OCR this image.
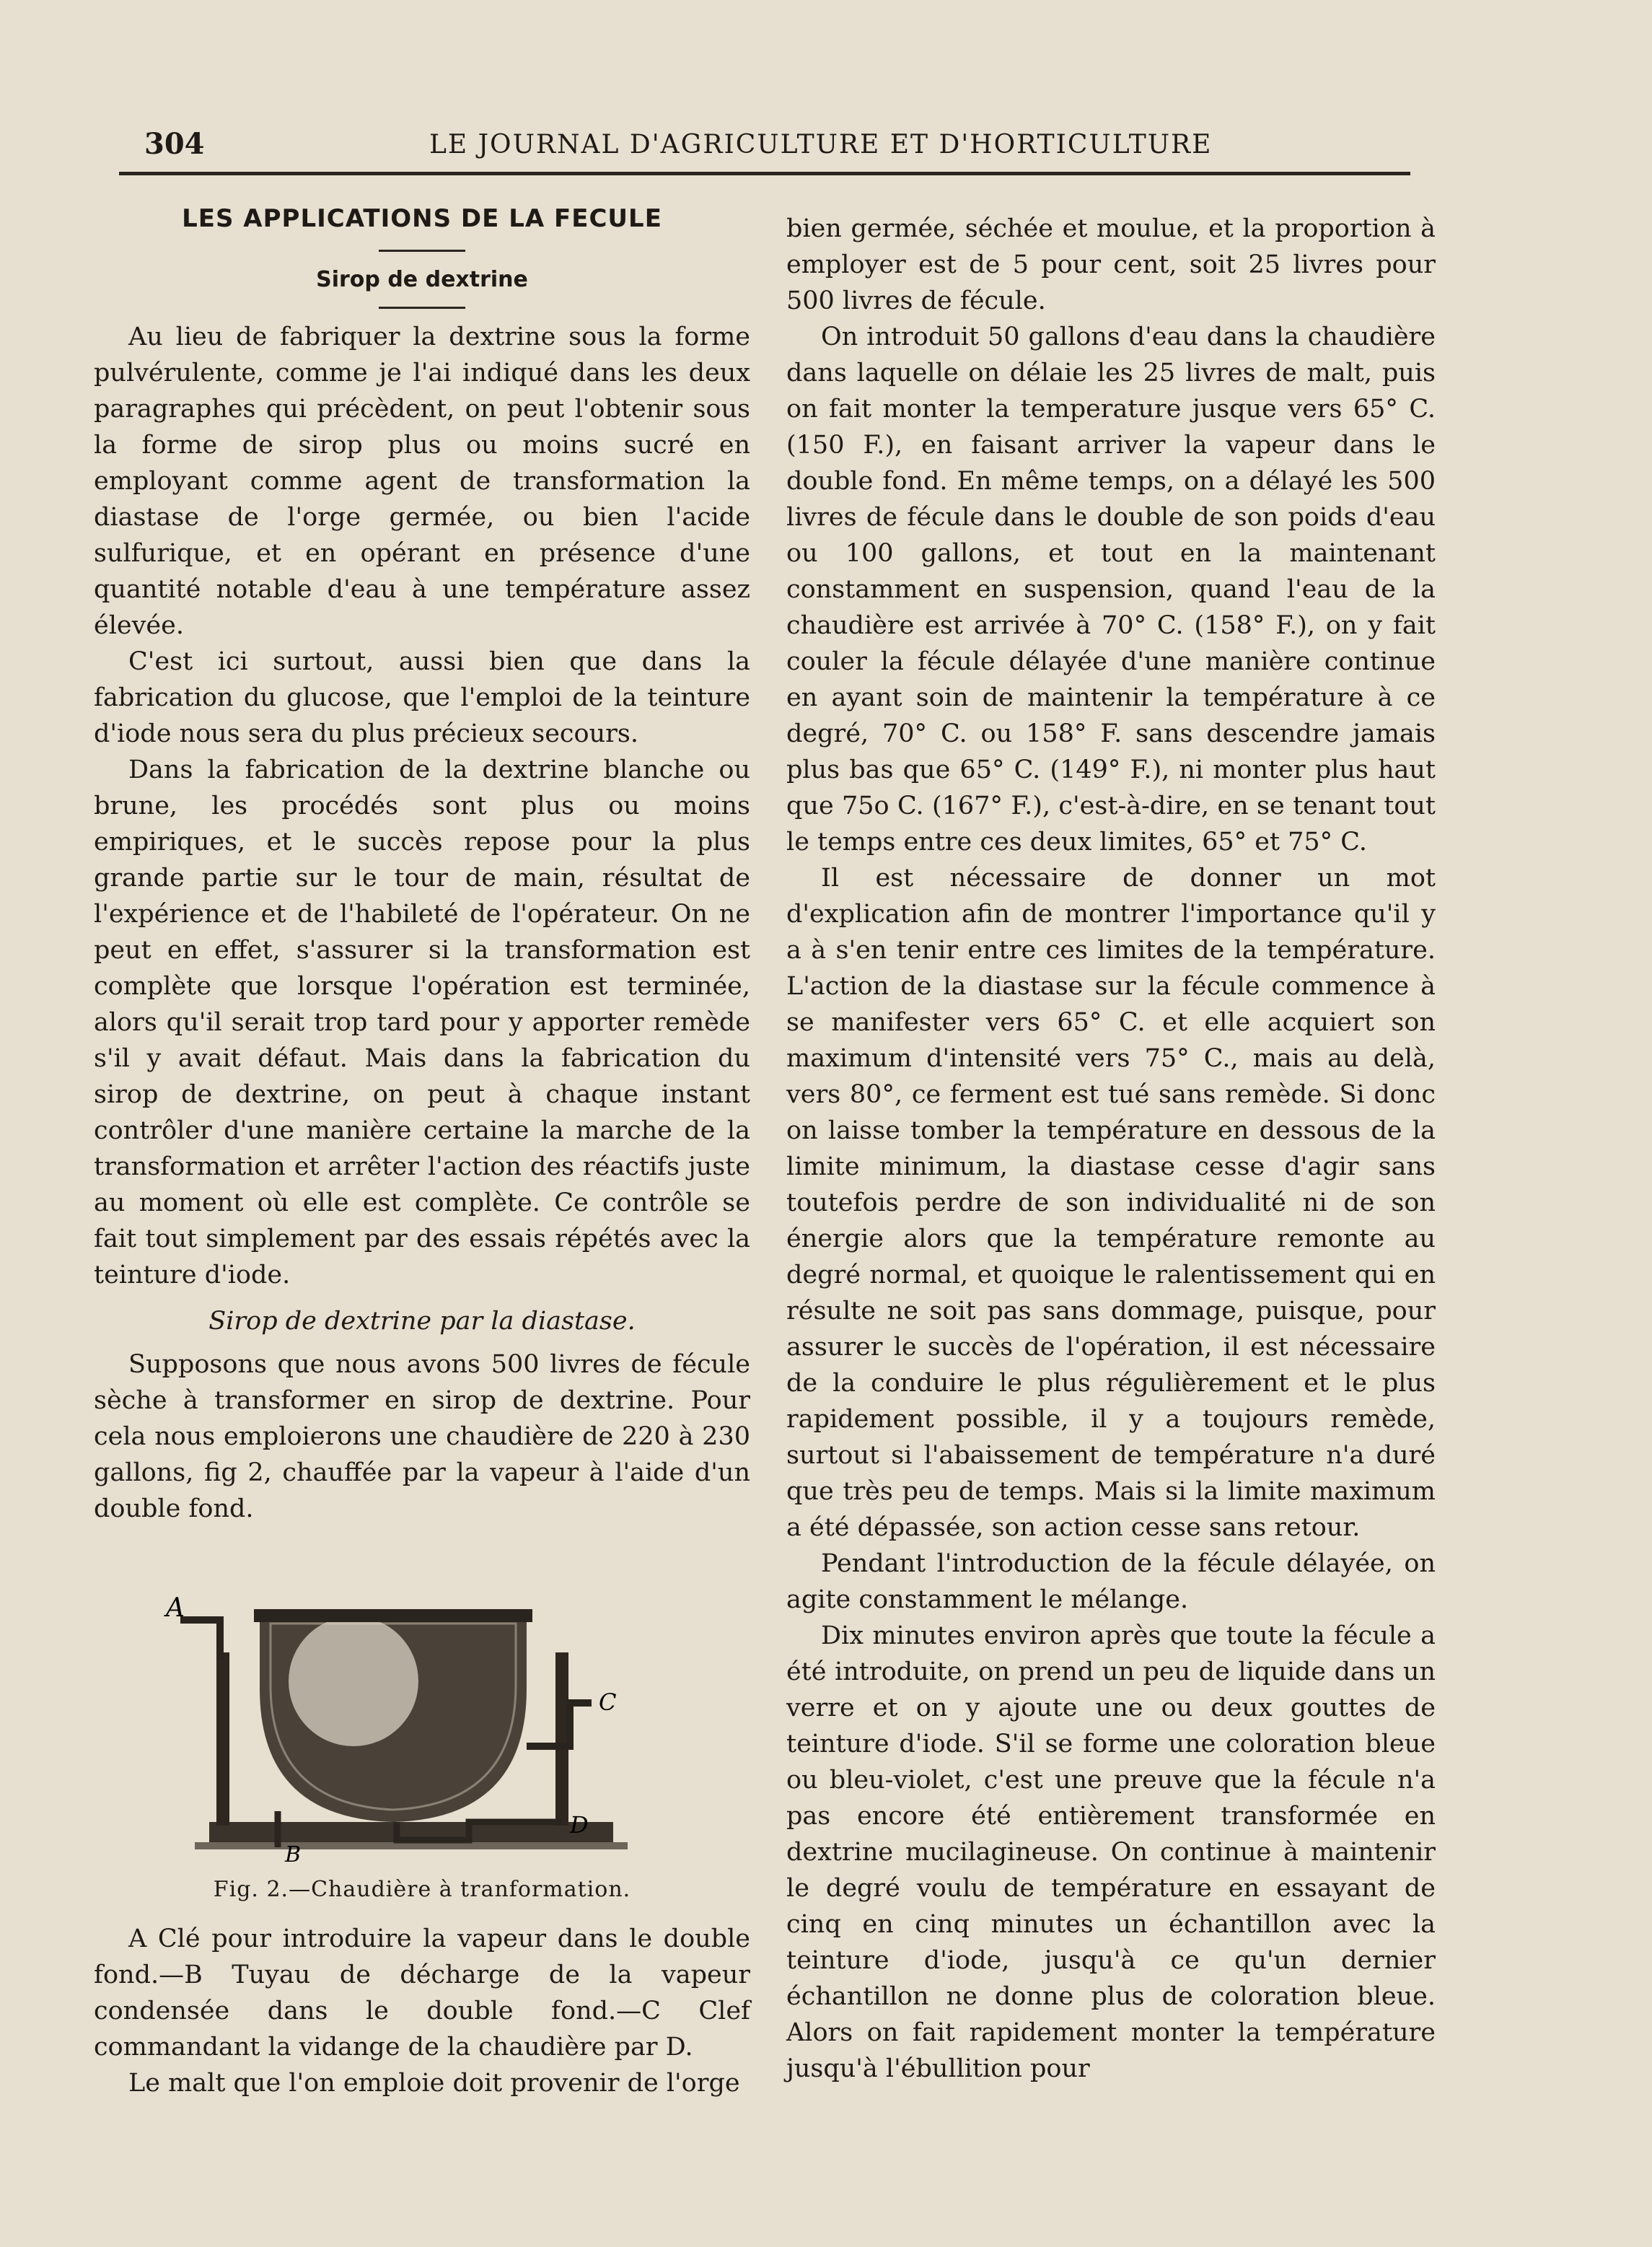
304	LE JOURNAL D'AGRICULTURE ET D'HORTICULTURE
LES APPLICATIONS DE LA FECULE
Sirop de dextrine

Au lieu de fabriquer la dextrine sous la forme pulvérulente, comme je l'ai indiqué dans les deux paragraphes qui précèdent, on peut l'obtenir sous la forme de sirop plus ou moins sucré en employant comme agent de transformation la diastase de l'orge germée, ou bien l'acide sulfurique, et en opérant en présence d'une quantité notable d'eau à une température assez élevée.

C'est ici surtout, aussi bien que dans la fabrication du glucose, que l'emploi de la teinture d'iode nous sera du plus précieux secours.

Dans la fabrication de la dextrine blanche ou brune, les procédés sont plus ou moins empiriques, et le succès repose pour la plus grande partie sur le tour de main, résultat de l'expérience et de l'habileté de l'opérateur. On ne peut en effet, s'assurer si la transformation est complète que lorsque l'opération est terminée, alors qu'il serait trop tard pour y apporter remède s'il y avait défaut. Mais dans la fabrication du sirop de dextrine, on peut à chaque instant contrôler d'une manière certaine la marche de la transformation et arrêter l'action des réactifs juste au moment où elle est complète. Ce contrôle se fait tout simplement par des essais répétés avec la teinture d'iode.

Sirop de dextrine par la diastase.

Supposons que nous avons 500 livres de fécule sèche à transformer en sirop de dextrine. Pour cela nous emploierons une chaudière de 220 à 230 gallons, fig 2, chauffée par la vapeur à l'aide d'un double fond.

A
B
C
D
Fig. 2.—Chaudière à tranformation.

A Clé pour introduire la vapeur dans le double fond.—B Tuyau de décharge de la vapeur condensée dans le double fond.—C Clef commandant la vidange de la chaudière par D.

Le malt que l'on emploie doit provenir de l'orge

bien germée, séchée et moulue, et la proportion à employer est de 5 pour cent, soit 25 livres pour 500 livres de fécule.

On introduit 50 gallons d'eau dans la chaudière dans laquelle on délaie les 25 livres de malt, puis on fait monter la temperature jusque vers 65° C. (150 F.), en faisant arriver la vapeur dans le double fond. En même temps, on a délayé les 500 livres de fécule dans le double de son poids d'eau ou 100 gallons, et tout en la maintenant constamment en suspension, quand l'eau de la chaudière est arrivée à 70° C. (158° F.), on y fait couler la fécule délayée d'une manière continue en ayant soin de maintenir la température à ce degré, 70° C. ou 158° F. sans descendre jamais plus bas que 65° C. (149° F.), ni monter plus haut que 75o C. (167° F.), c'est-à-dire, en se tenant tout le temps entre ces deux limites, 65° et 75° C.

Il est nécessaire de donner un mot d'explication afin de montrer l'importance qu'il y a à s'en tenir entre ces limites de la température. L'action de la diastase sur la fécule commence à se manifester vers 65° C. et elle acquiert son maximum d'intensité vers 75° C., mais au delà, vers 80°, ce ferment est tué sans remède. Si donc on laisse tomber la température en dessous de la limite minimum, la diastase cesse d'agir sans toutefois perdre de son individualité ni de son énergie alors que la température remonte au degré normal, et quoique le ralentissement qui en résulte ne soit pas sans dommage, puisque, pour assurer le succès de l'opération, il est nécessaire de la conduire le plus régulièrement et le plus rapidement possible, il y a toujours remède, surtout si l'abaissement de température n'a duré que très peu de temps. Mais si la limite maximum a été dépassée, son action cesse sans retour.

Pendant l'introduction de la fécule délayée, on agite constamment le mélange.

Dix minutes environ après que toute la fécule a été introduite, on prend un peu de liquide dans un verre et on y ajoute une ou deux gouttes de teinture d'iode. S'il se forme une coloration bleue ou bleu-violet, c'est une preuve que la fécule n'a pas encore été entièrement transformée en dextrine mucilagineuse. On continue à maintenir le degré voulu de température en essayant de cinq en cinq minutes un échantillon avec la teinture d'iode, jusqu'à ce qu'un dernier échantillon ne donne plus de coloration bleue. Alors on fait rapidement monter la température jusqu'à l'ébullition pour
